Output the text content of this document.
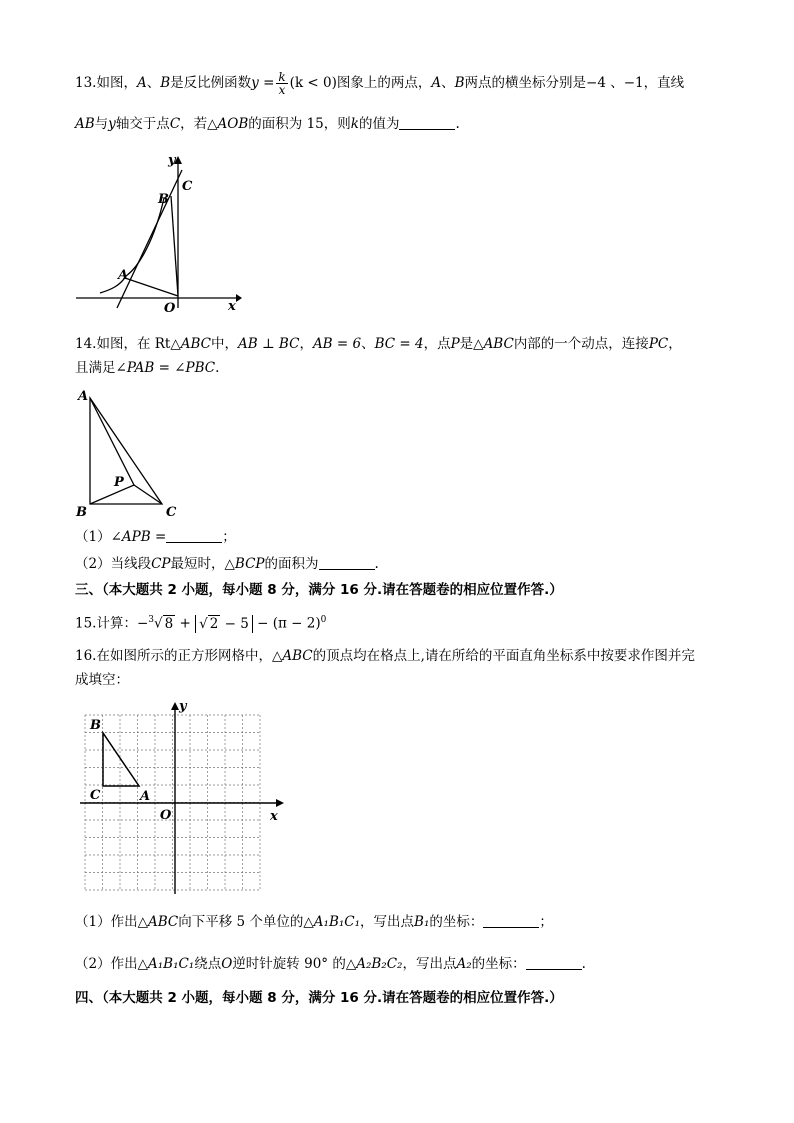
13.如图，A、B是反比例函数$y = \frac{k}{x} (k < 0)$图象上的两点，A、B两点的横坐标分别是−4 、−1，直线
AB与y轴交于点C，若△AOB的面积为 15，则k的值为	.
y
x
O
A
B
C
14.如图，在 Rt△ABC中，AB ⊥ BC，AB = 6、BC = 4，点P是△ABC内部的一个动点，连接PC，
且满足∠PAB = ∠PBC.
A
B	C
P
（1）∠APB =	；
（2）当线段CP最短时，△BCP的面积为	.
三、（本大题共 2 小题，每小题 8 分，满分 16 分.请在答题卷的相应位置作答.）
15.计算：−$^3$√ 8 + √ $2 - 5 - (\pi - 2)^0$
16.在如图所示的正方形网格中，△ABC的顶点均在格点上,请在所给的平面直角坐标系中按要求作图并完
成填空：
B
C	A
O	x
y
（1）作出△ABC向下平移 5 个单位的△A₁B₁C₁，写出点B₁的坐标：	；
（2）作出△A₁B₁C₁绕点O逆时针旋转 90° 的△A₂B₂C₂，写出点A₂的坐标：	.
四、（本大题共 2 小题，每小题 8 分，满分 16 分.请在答题卷的相应位置作答.）
